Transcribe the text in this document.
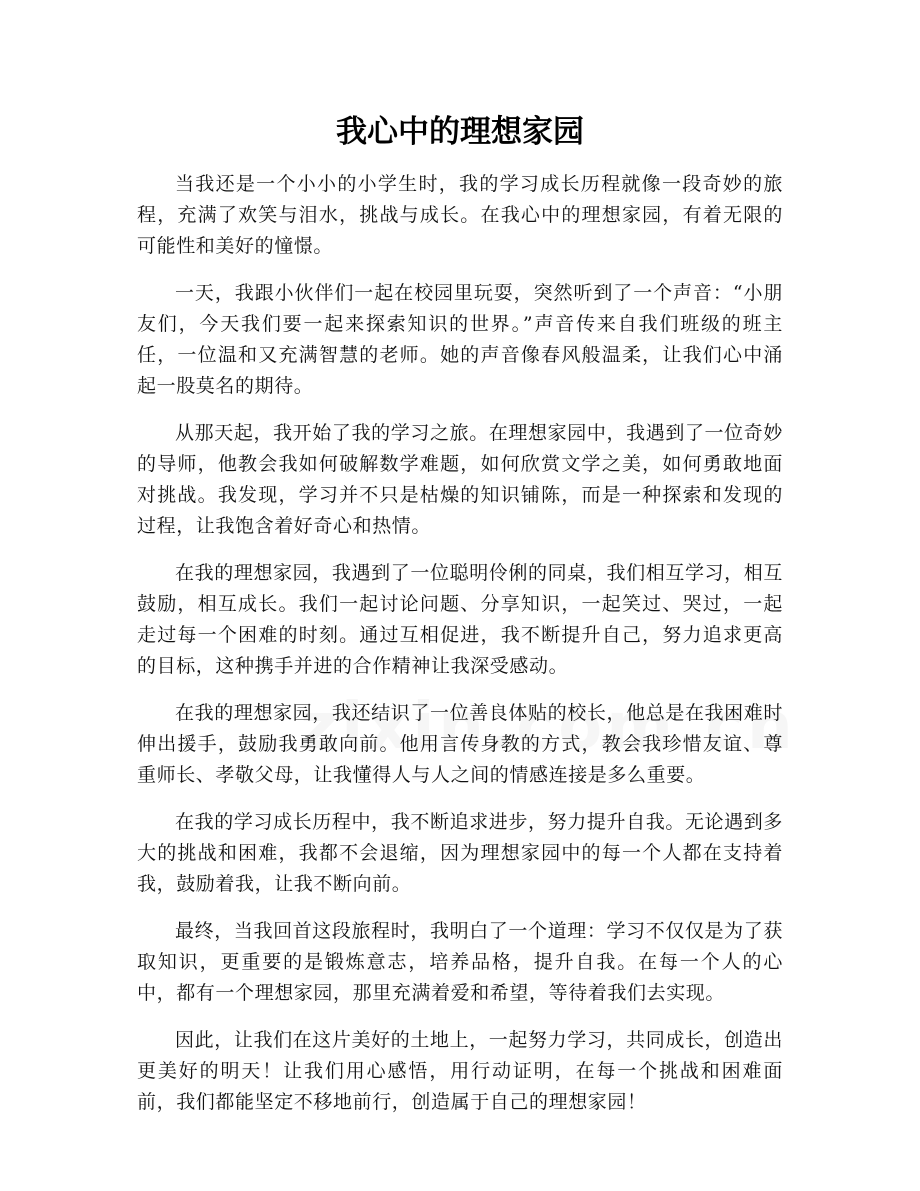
我心中的理想家园

当我还是一个小小的小学生时，我的学习成长历程就像一段奇妙的旅程，充满了欢笑与泪水，挑战与成长。在我心中的理想家园，有着无限的可能性和美好的憧憬。

一天，我跟小伙伴们一起在校园里玩耍，突然听到了一个声音：“小朋友们，今天我们要一起来探索知识的世界。”声音传来自我们班级的班主任，一位温和又充满智慧的老师。她的声音像春风般温柔，让我们心中涌起一股莫名的期待。

从那天起，我开始了我的学习之旅。在理想家园中，我遇到了一位奇妙的导师，他教会我如何破解数学难题，如何欣赏文学之美，如何勇敢地面对挑战。我发现，学习并不只是枯燥的知识铺陈，而是一种探索和发现的过程，让我饱含着好奇心和热情。

在我的理想家园，我遇到了一位聪明伶俐的同桌，我们相互学习，相互鼓励，相互成长。我们一起讨论问题、分享知识，一起笑过、哭过，一起走过每一个困难的时刻。通过互相促进，我不断提升自己，努力追求更高的目标，这种携手并进的合作精神让我深受感动。

在我的理想家园，我还结识了一位善良体贴的校长，他总是在我困难时伸出援手，鼓励我勇敢向前。他用言传身教的方式，教会我珍惜友谊、尊重师长、孝敬父母，让我懂得人与人之间的情感连接是多么重要。

在我的学习成长历程中，我不断追求进步，努力提升自我。无论遇到多大的挑战和困难，我都不会退缩，因为理想家园中的每一个人都在支持着我，鼓励着我，让我不断向前。

最终，当我回首这段旅程时，我明白了一个道理：学习不仅仅是为了获取知识，更重要的是锻炼意志，培养品格，提升自我。在每一个人的心中，都有一个理想家园，那里充满着爱和希望，等待着我们去实现。

因此，让我们在这片美好的土地上，一起努力学习，共同成长，创造出更美好的明天！让我们用心感悟，用行动证明，在每一个挑战和困难面前，我们都能坚定不移地前行，创造属于自己的理想家园！
